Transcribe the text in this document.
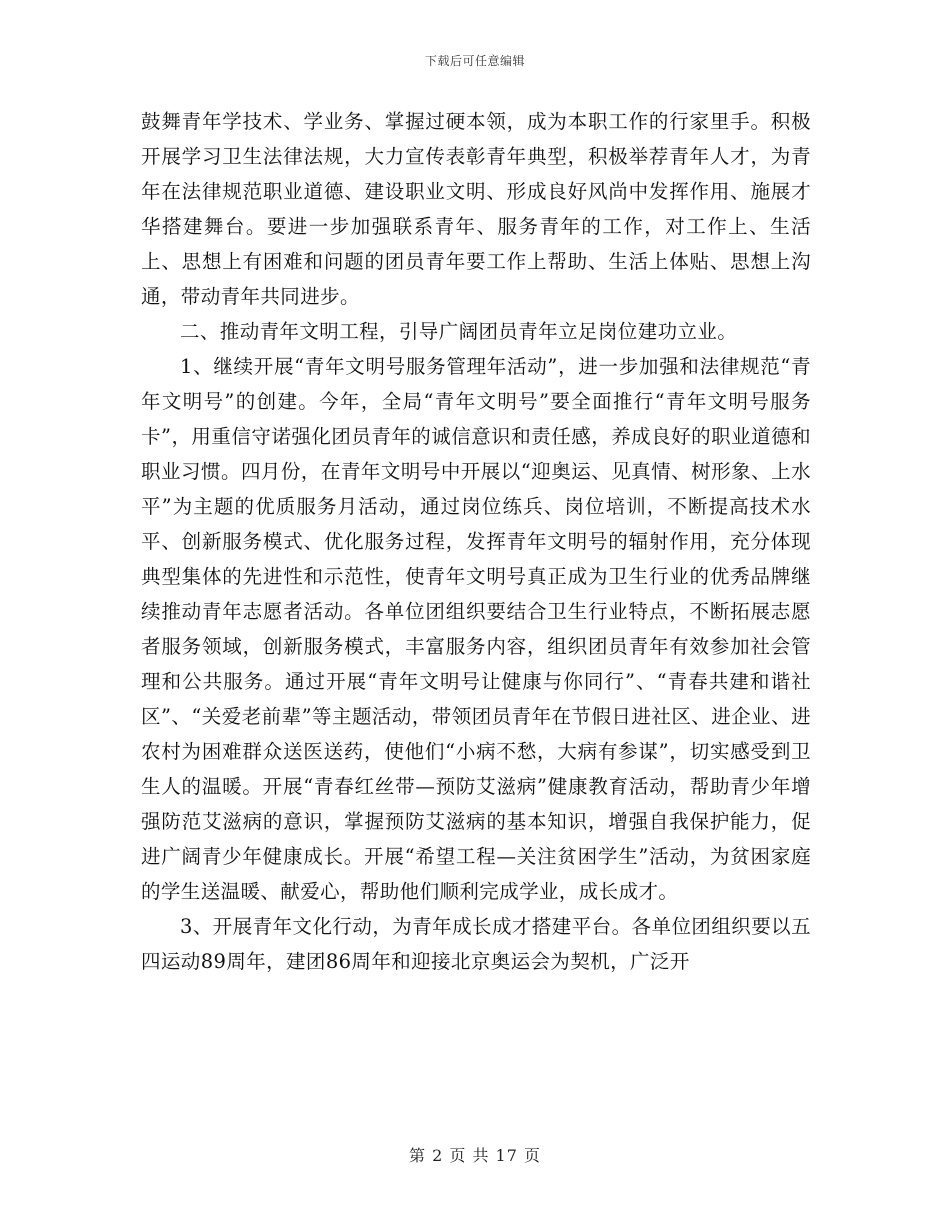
下载后可任意编辑

鼓舞青年学技术、学业务、掌握过硬本领，成为本职工作的行家里手。积极开展学习卫生法律法规，大力宣传表彰青年典型，积极举荐青年人才，为青年在法律规范职业道德、建设职业文明、形成良好风尚中发挥作用、施展才华搭建舞台。要进一步加强联系青年、服务青年的工作，对工作上、生活上、思想上有困难和问题的团员青年要工作上帮助、生活上体贴、思想上沟通，带动青年共同进步。

二、推动青年文明工程，引导广阔团员青年立足岗位建功立业。

1、继续开展“青年文明号服务管理年活动”，进一步加强和法律规范“青年文明号”的创建。今年，全局“青年文明号”要全面推行“青年文明号服务卡”，用重信守诺强化团员青年的诚信意识和责任感，养成良好的职业道德和职业习惯。四月份，在青年文明号中开展以“迎奥运、见真情、树形象、上水平”为主题的优质服务月活动，通过岗位练兵、岗位培训，不断提高技术水平、创新服务模式、优化服务过程，发挥青年文明号的辐射作用，充分体现典型集体的先进性和示范性，使青年文明号真正成为卫生行业的优秀品牌继续推动青年志愿者活动。各单位团组织要结合卫生行业特点，不断拓展志愿者服务领域，创新服务模式，丰富服务内容，组织团员青年有效参加社会管理和公共服务。通过开展“青年文明号让健康与你同行”、“青春共建和谐社区”、“关爱老前辈”等主题活动，带领团员青年在节假日进社区、进企业、进农村为困难群众送医送药，使他们“小病不愁，大病有参谋”，切实感受到卫生人的温暖。开展“青春红丝带—预防艾滋病”健康教育活动，帮助青少年增强防范艾滋病的意识，掌握预防艾滋病的基本知识，增强自我保护能力，促进广阔青少年健康成长。开展“希望工程—关注贫困学生”活动，为贫困家庭的学生送温暖、献爱心，帮助他们顺利完成学业，成长成才。

3、开展青年文化行动，为青年成长成才搭建平台。各单位团组织要以五四运动89周年，建团86周年和迎接北京奥运会为契机，广泛开

第 2 页 共 17 页
